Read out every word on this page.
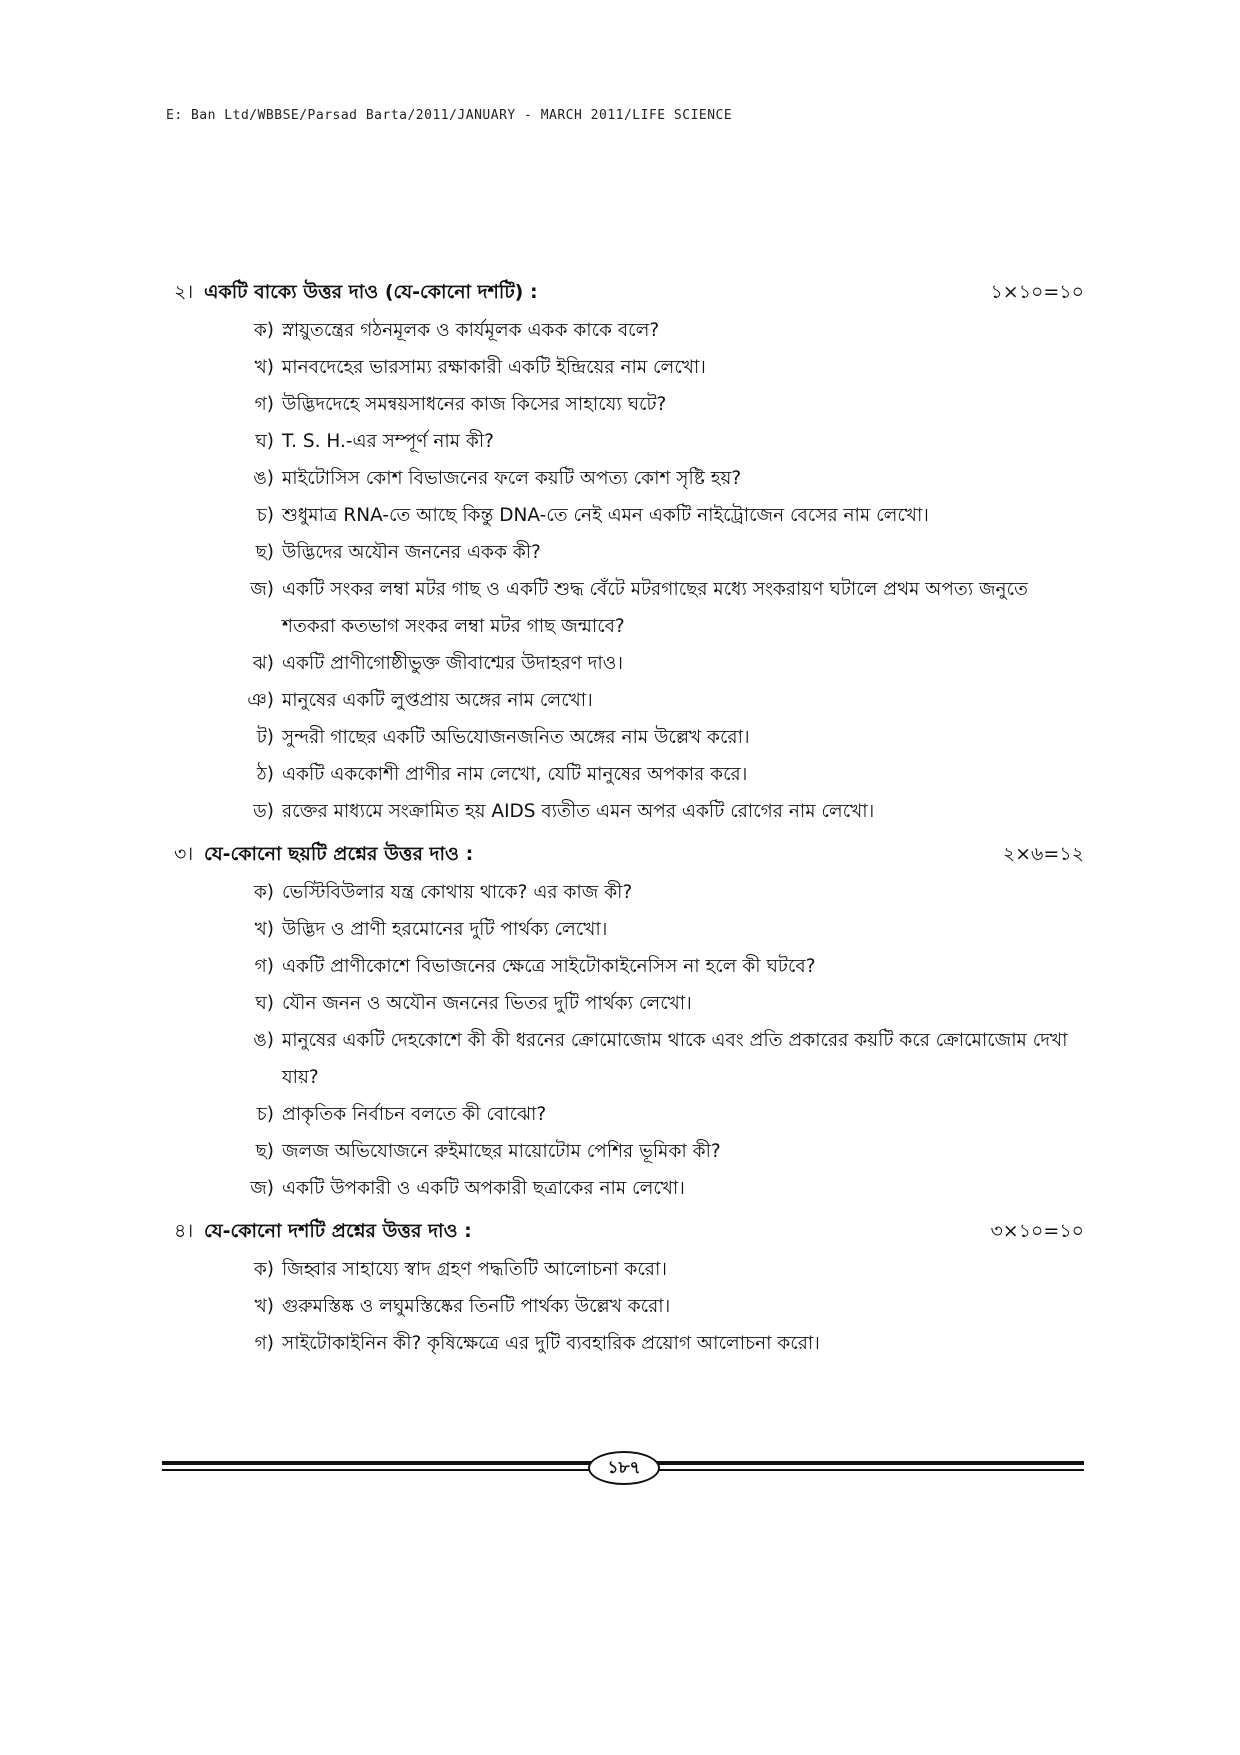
E: Ban Ltd/WBBSE/Parsad Barta/2011/JANUARY - MARCH 2011/LIFE SCIENCE
২। একটি বাক্যে উত্তর দাও (যে-কোনো দশটি) :	১×১০=১০
ক) স্নায়ুতন্ত্রের গঠনমূলক ও কার্যমূলক একক কাকে বলে?
খ) মানবদেহের ভারসাম্য রক্ষাকারী একটি ইন্দ্রিয়ের নাম লেখো।
গ) উদ্ভিদদেহে সমন্বয়সাধনের কাজ কিসের সাহায্যে ঘটে?
ঘ) T. S. H.-এর সম্পূর্ণ নাম কী?
ঙ) মাইটোসিস কোশ বিভাজনের ফলে কয়টি অপত্য কোশ সৃষ্টি হয়?
চ) শুধুমাত্র RNA-তে আছে কিন্তু DNA-তে নেই এমন একটি নাইট্রোজেন বেসের নাম লেখো।
ছ) উদ্ভিদের অযৌন জননের একক কী?
জ) একটি সংকর লম্বা মটর গাছ ও একটি শুদ্ধ বেঁটে মটরগাছের মধ্যে সংকরায়ণ ঘটালে প্রথম অপত্য জনুতে শতকরা কতভাগ সংকর লম্বা মটর গাছ জন্মাবে?
ঝ) একটি প্রাণীগোষ্ঠীভুক্ত জীবাশ্মের উদাহরণ দাও।
ঞ) মানুষের একটি লুপ্তপ্রায় অঙ্গের নাম লেখো।
ট) সুন্দরী গাছের একটি অভিযোজনজনিত অঙ্গের নাম উল্লেখ করো।
ঠ) একটি এককোশী প্রাণীর নাম লেখো, যেটি মানুষের অপকার করে।
ড) রক্তের মাধ্যমে সংক্রামিত হয় AIDS ব্যতীত এমন অপর একটি রোগের নাম লেখো।
৩। যে-কোনো ছয়টি প্রশ্নের উত্তর দাও :	২×৬=১২
ক) ভেস্টিবিউলার যন্ত্র কোথায় থাকে? এর কাজ কী?
খ) উদ্ভিদ ও প্রাণী হরমোনের দুটি পার্থক্য লেখো।
গ) একটি প্রাণীকোশে বিভাজনের ক্ষেত্রে সাইটোকাইনেসিস না হলে কী ঘটবে?
ঘ) যৌন জনন ও অযৌন জননের ভিতর দুটি পার্থক্য লেখো।
ঙ) মানুষের একটি দেহকোশে কী কী ধরনের ক্রোমোজোম থাকে এবং প্রতি প্রকারের কয়টি করে ক্রোমোজোম দেখা যায়?
চ) প্রাকৃতিক নির্বাচন বলতে কী বোঝো?
ছ) জলজ অভিযোজনে রুইমাছের মায়োটোম পেশির ভূমিকা কী?
জ) একটি উপকারী ও একটি অপকারী ছত্রাকের নাম লেখো।
৪। যে-কোনো দশটি প্রশ্নের উত্তর দাও :	৩×১০=১০
ক) জিহ্বার সাহায্যে স্বাদ গ্রহণ পদ্ধতিটি আলোচনা করো।
খ) গুরুমস্তিষ্ক ও লঘুমস্তিষ্কের তিনটি পার্থক্য উল্লেখ করো।
গ) সাইটোকাইনিন কী? কৃষিক্ষেত্রে এর দুটি ব্যবহারিক প্রয়োগ আলোচনা করো।
১৮৭
